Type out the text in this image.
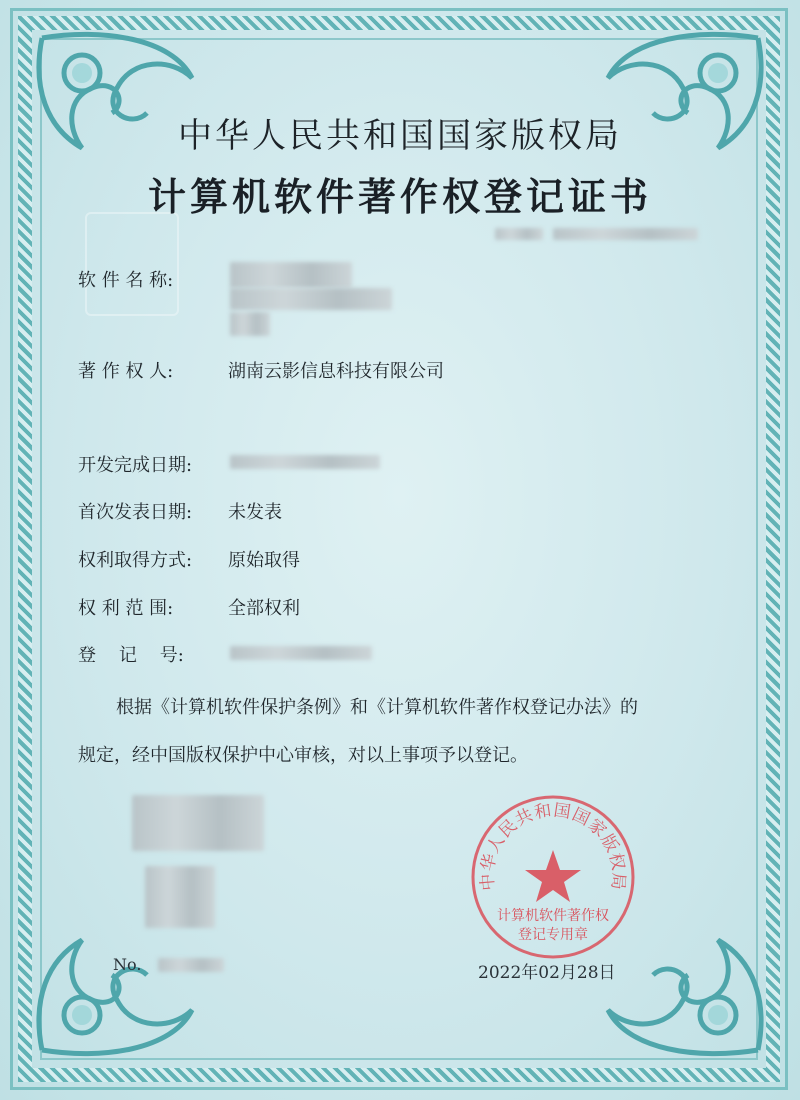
中华人民共和国国家版权局
计算机软件著作权登记证书
软 件 名 称:
著 作 权 人:	湖南云影信息科技有限公司
开发完成日期:
首次发表日期:	未发表
权利取得方式:	原始取得
权 利 范 围:	全部权利
登    记    号:
根据《计算机软件保护条例》和《计算机软件著作权登记办法》的
规定，经中国版权保护中心审核，对以上事项予以登记。
No.
中华人民共和国国家版权局
计算机软件著作权
登记专用章
2022年02月28日
